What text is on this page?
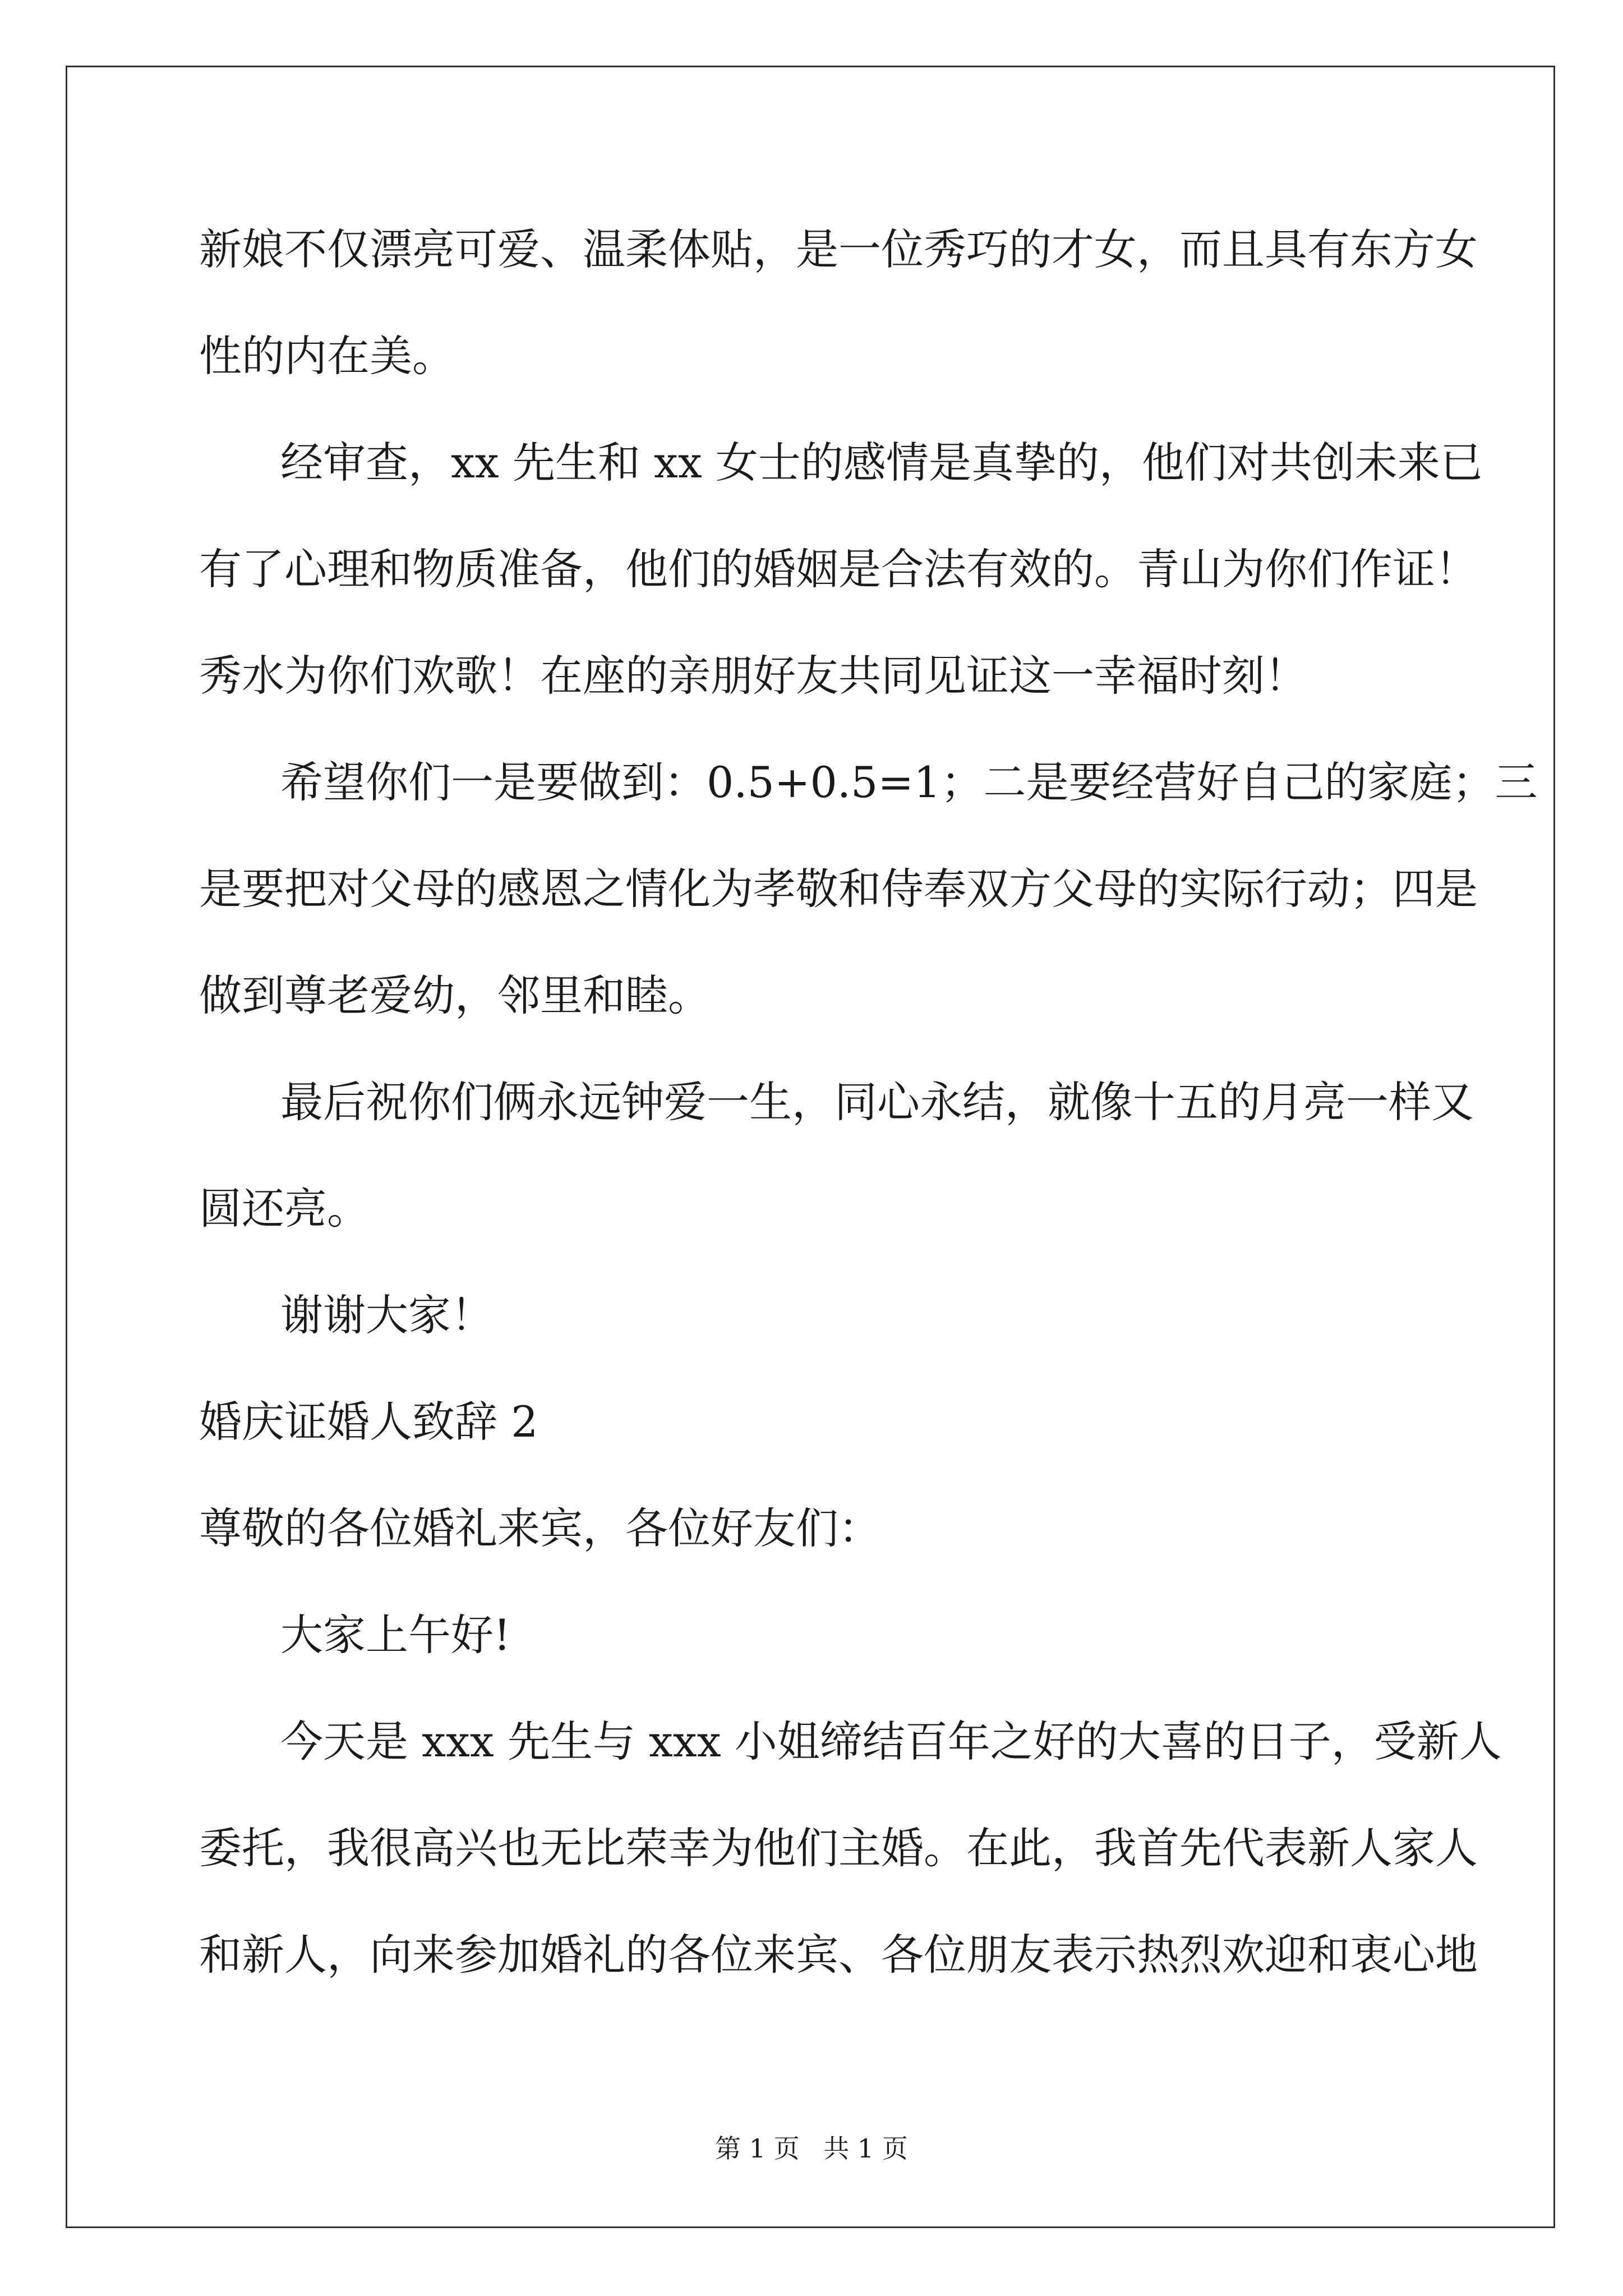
新娘不仅漂亮可爱、温柔体贴，是一位秀巧的才女，而且具有东方女
性的内在美。
经审查，xx 先生和 xx 女士的感情是真挚的，他们对共创未来已
有了心理和物质准备，他们的婚姻是合法有效的。青山为你们作证！
秀水为你们欢歌！在座的亲朋好友共同见证这一幸福时刻！
希望你们一是要做到：0.5+0.5=1；二是要经营好自己的家庭；三
是要把对父母的感恩之情化为孝敬和侍奉双方父母的实际行动；四是
做到尊老爱幼，邻里和睦。
最后祝你们俩永远钟爱一生，同心永结，就像十五的月亮一样又
圆还亮。
谢谢大家！
婚庆证婚人致辞 2
尊敬的各位婚礼来宾，各位好友们：
大家上午好!
今天是 xxx 先生与 xxx 小姐缔结百年之好的大喜的日子，受新人
委托，我很高兴也无比荣幸为他们主婚。在此，我首先代表新人家人
和新人，向来参加婚礼的各位来宾、各位朋友表示热烈欢迎和衷心地
第 1 页 共 1 页
